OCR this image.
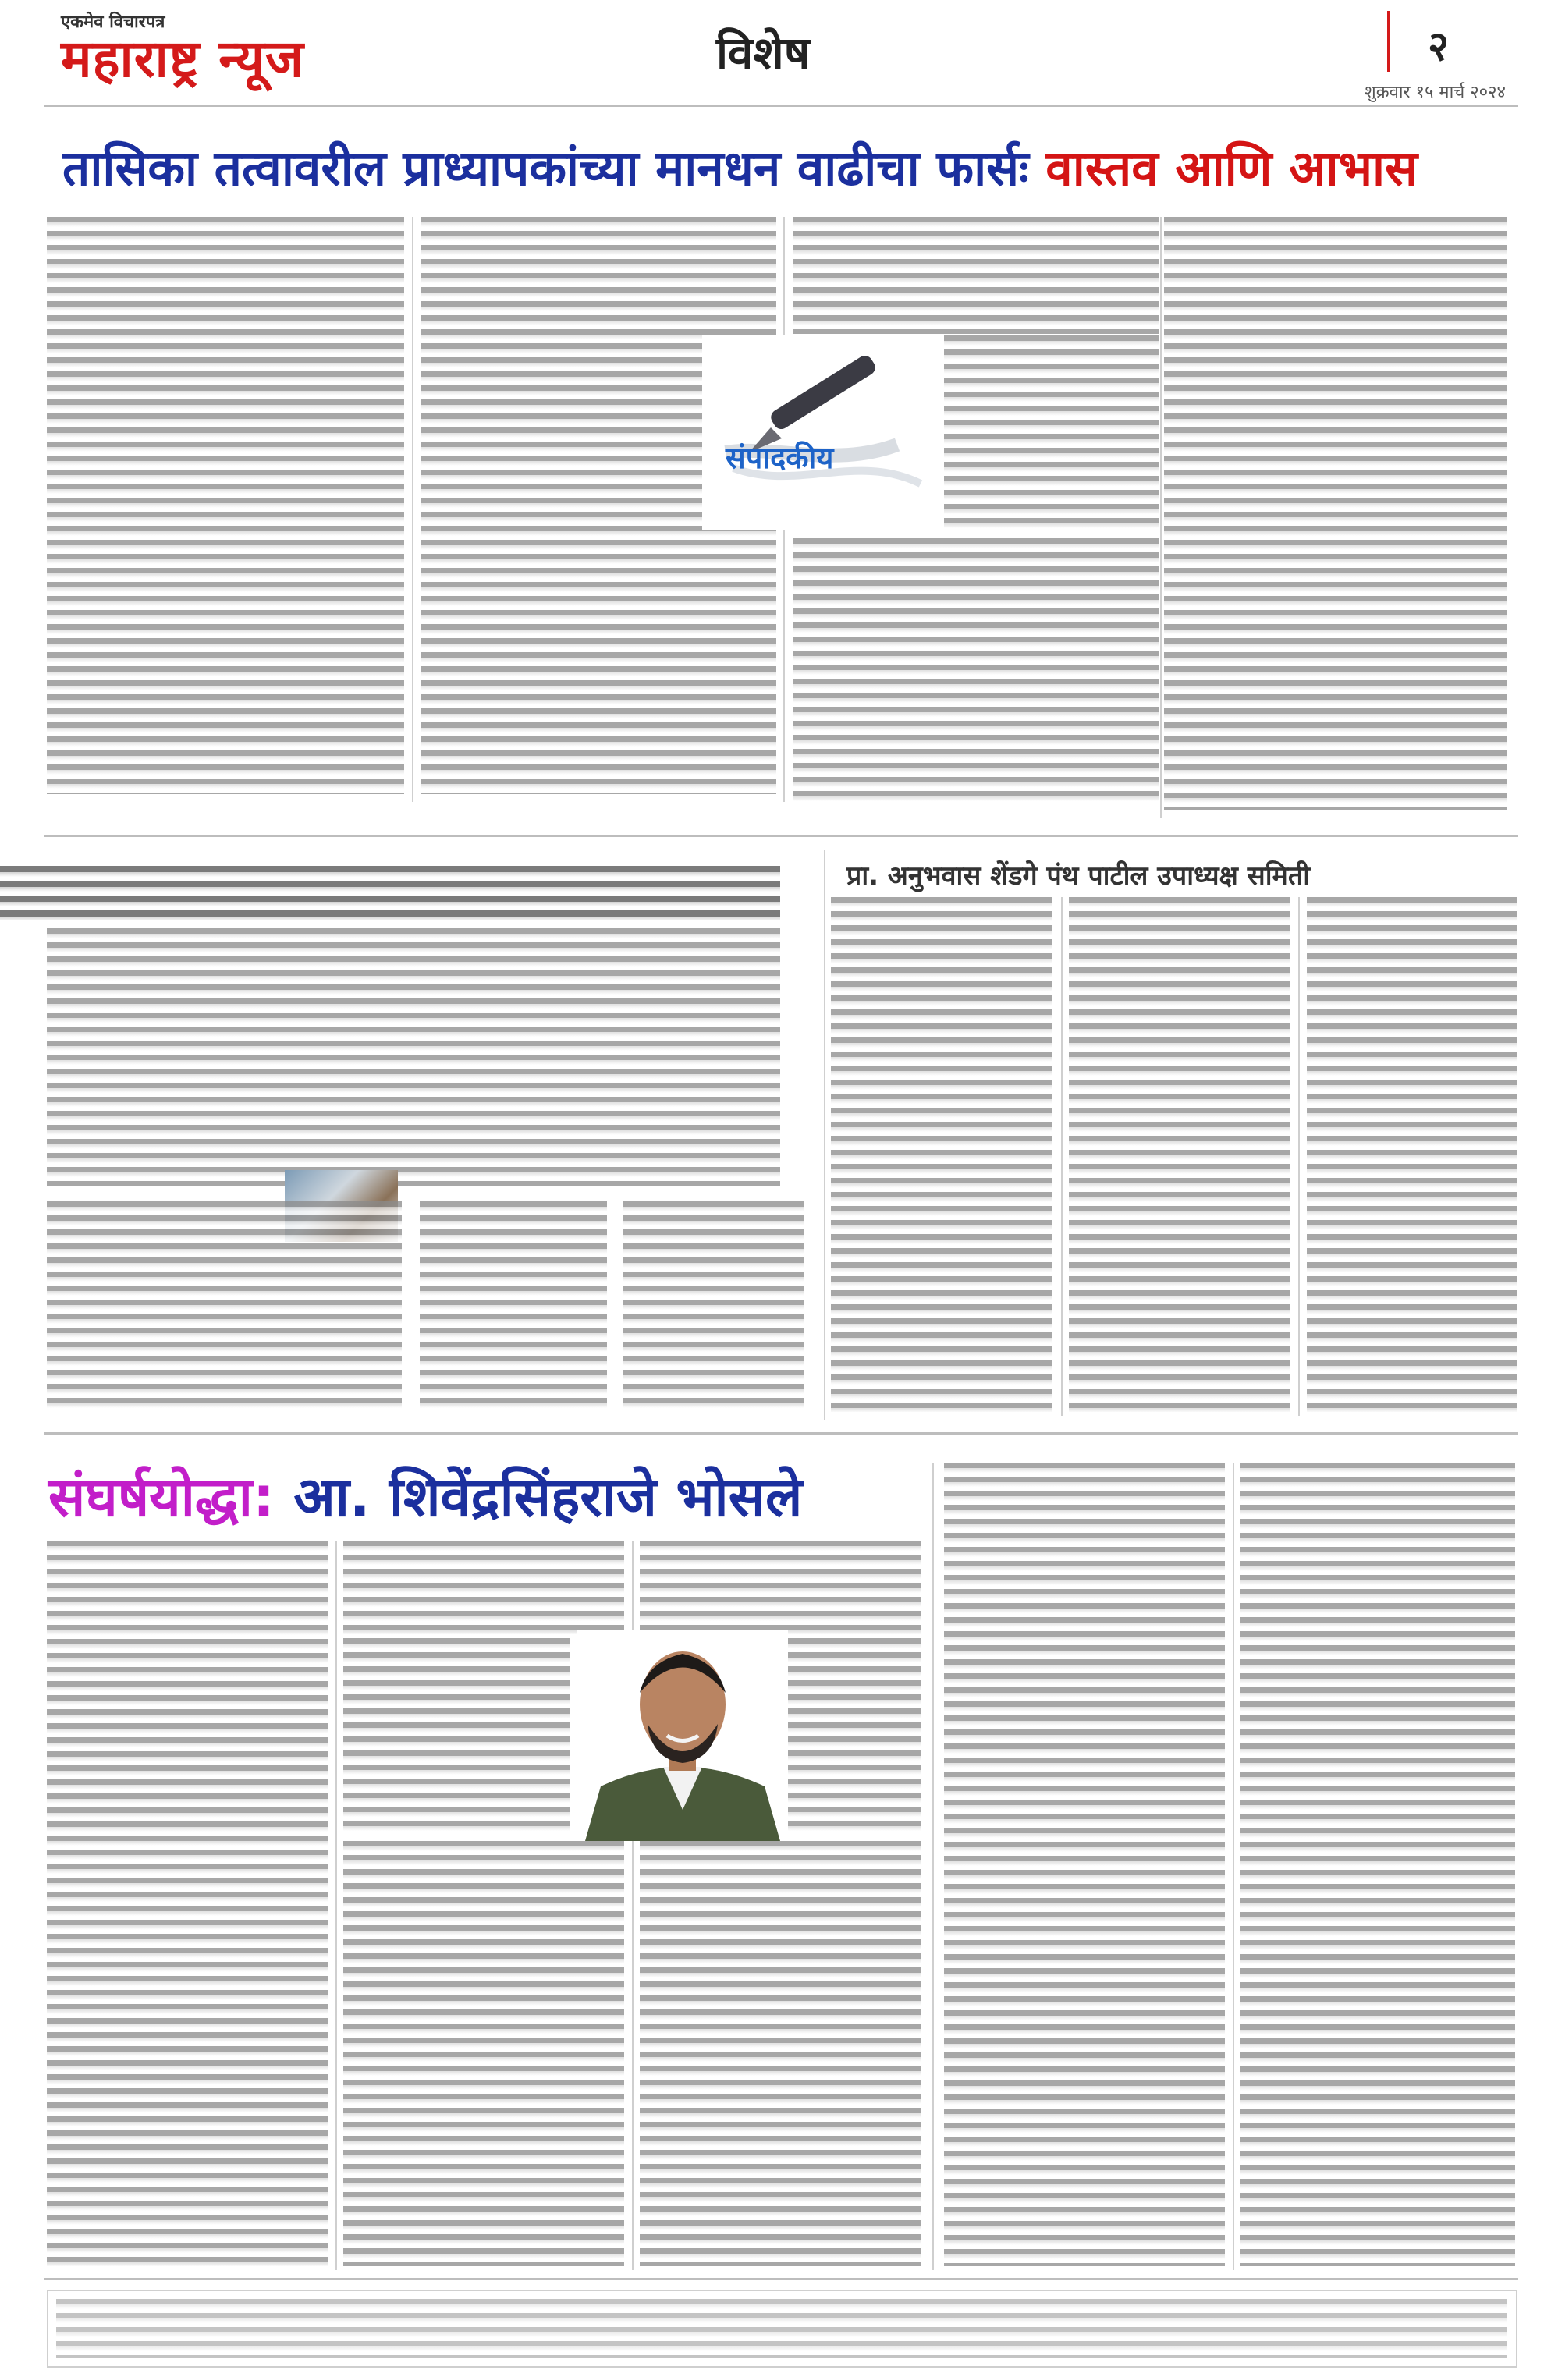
एकमेव विचारपत्र
महाराष्ट्र न्यूज	विशेष	२
शुक्रवार १५ मार्च २०२४
तासिका तत्वावरील प्राध्यापकांच्या मानधन वाढीचा फार्सः वास्तव आणि आभास
संपादकीय
प्रा. अनुभवास शेंडगे पंथ पाटील उपाध्यक्ष समिती
संघर्षयोद्धा: आ. शिवेंद्रसिंहराजे भोसले
